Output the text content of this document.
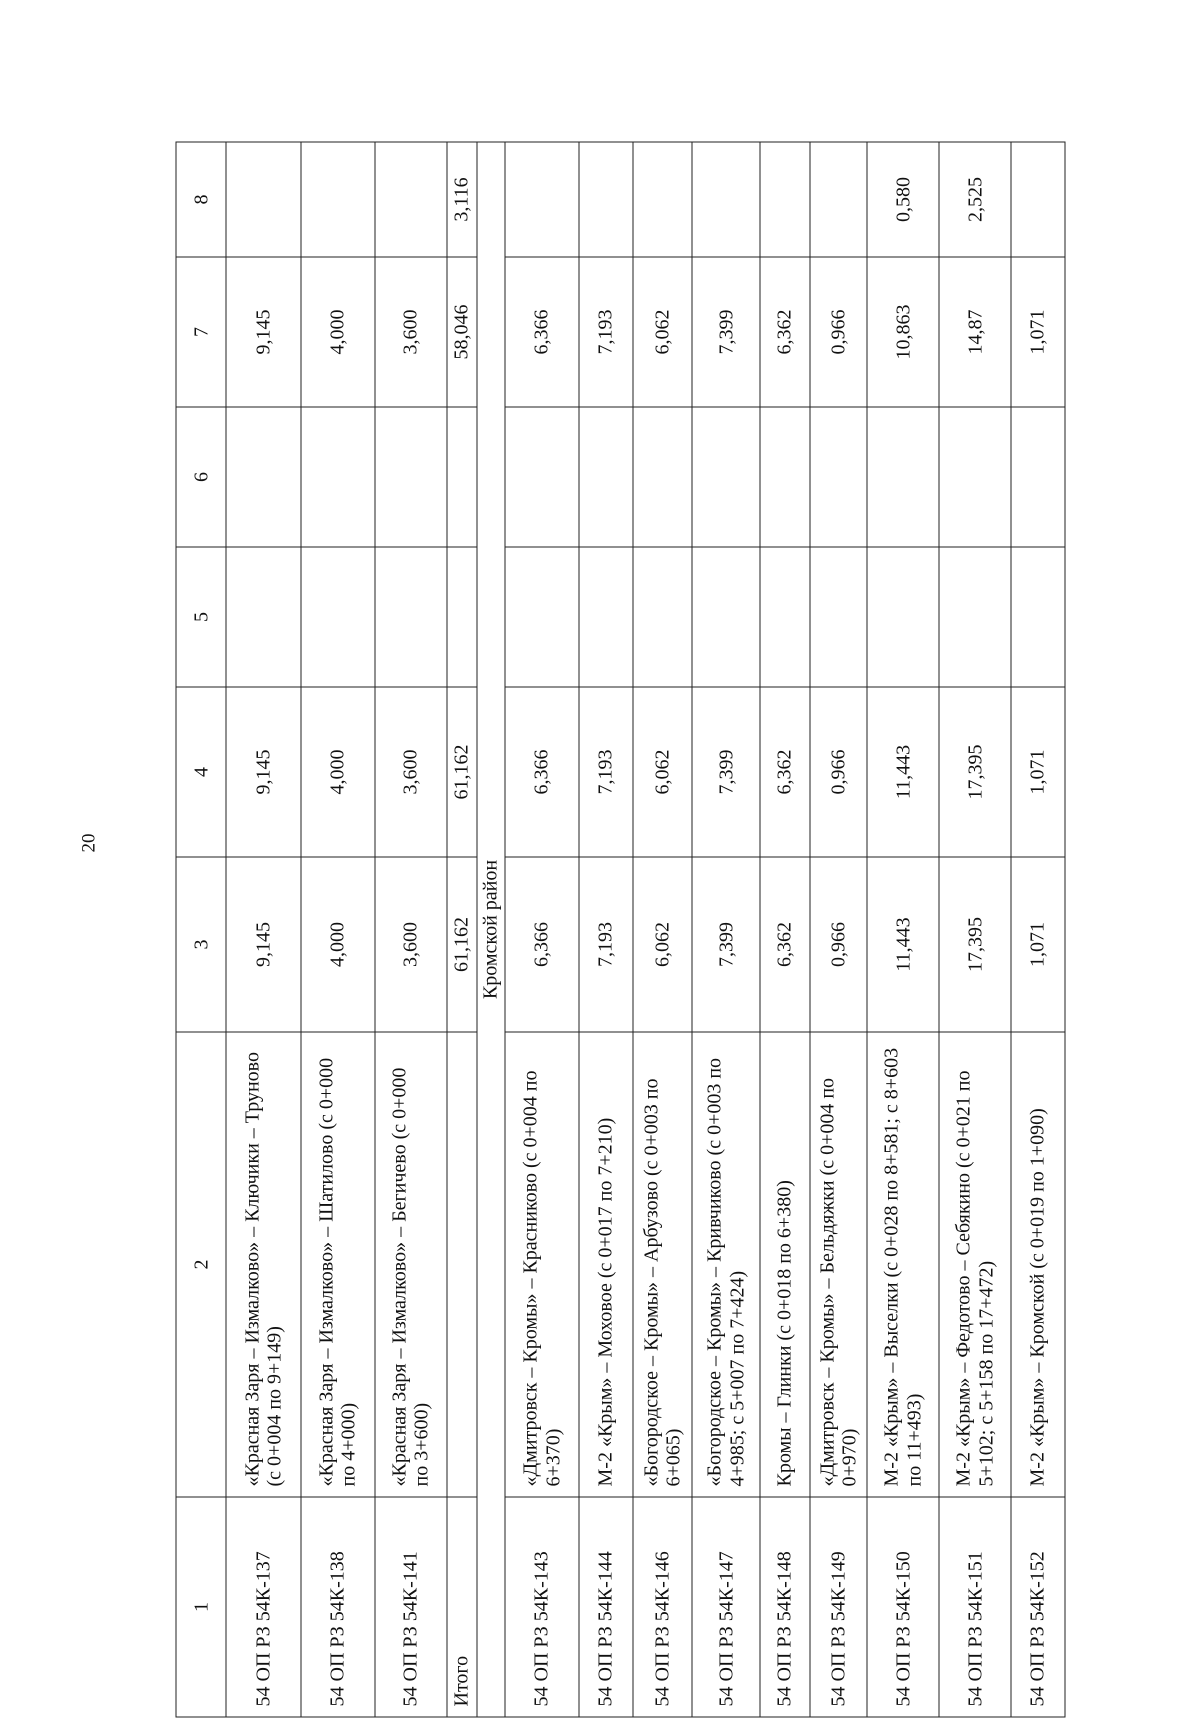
20
1	2	3	4	5	6	7	8
54 ОП РЗ 54К-137	«Красная Заря – Измалково» – Ключики – Труново (с 0+004 по 9+149)	9,145	9,145			9,145	
54 ОП РЗ 54К-138	«Красная Заря – Измалково» – Шатилово (с 0+000 по 4+000)	4,000	4,000			4,000	
54 ОП РЗ 54К-141	«Красная Заря – Измалково» – Бегичево (с 0+000 по 3+600)	3,600	3,600			3,600	
Итого		61,162	61,162			58,046	3,116
Кромской район							
54 ОП РЗ 54К-143	«Дмитровск – Кромы» – Красниково (с 0+004 по 6+370)	6,366	6,366			6,366	
54 ОП РЗ 54К-144	М-2 «Крым» – Моховое (с 0+017 по 7+210)	7,193	7,193			7,193	
54 ОП РЗ 54К-146	«Богородское – Кромы» – Арбузово (с 0+003 по 6+065)	6,062	6,062			6,062	
54 ОП РЗ 54К-147	«Богородское – Кромы» – Кривчиково (с 0+003 по 4+985; с 5+007 по 7+424)	7,399	7,399			7,399	
54 ОП РЗ 54К-148	Кромы – Глинки (с 0+018 по 6+380)	6,362	6,362			6,362	
54 ОП РЗ 54К-149	«Дмитровск – Кромы» – Бельдяжки (с 0+004 по 0+970)	0,966	0,966			0,966	
54 ОП РЗ 54К-150	М-2 «Крым» – Выселки (с 0+028 по 8+581; с 8+603 по 11+493)	11,443	11,443			10,863	0,580
54 ОП РЗ 54К-151	М-2 «Крым» – Федотово – Себякино (с 0+021 по 5+102; с 5+158 по 17+472)	17,395	17,395			14,87	2,525
54 ОП РЗ 54К-152	М-2 «Крым» – Кромской (с 0+019 по 1+090)	1,071	1,071			1,071	
